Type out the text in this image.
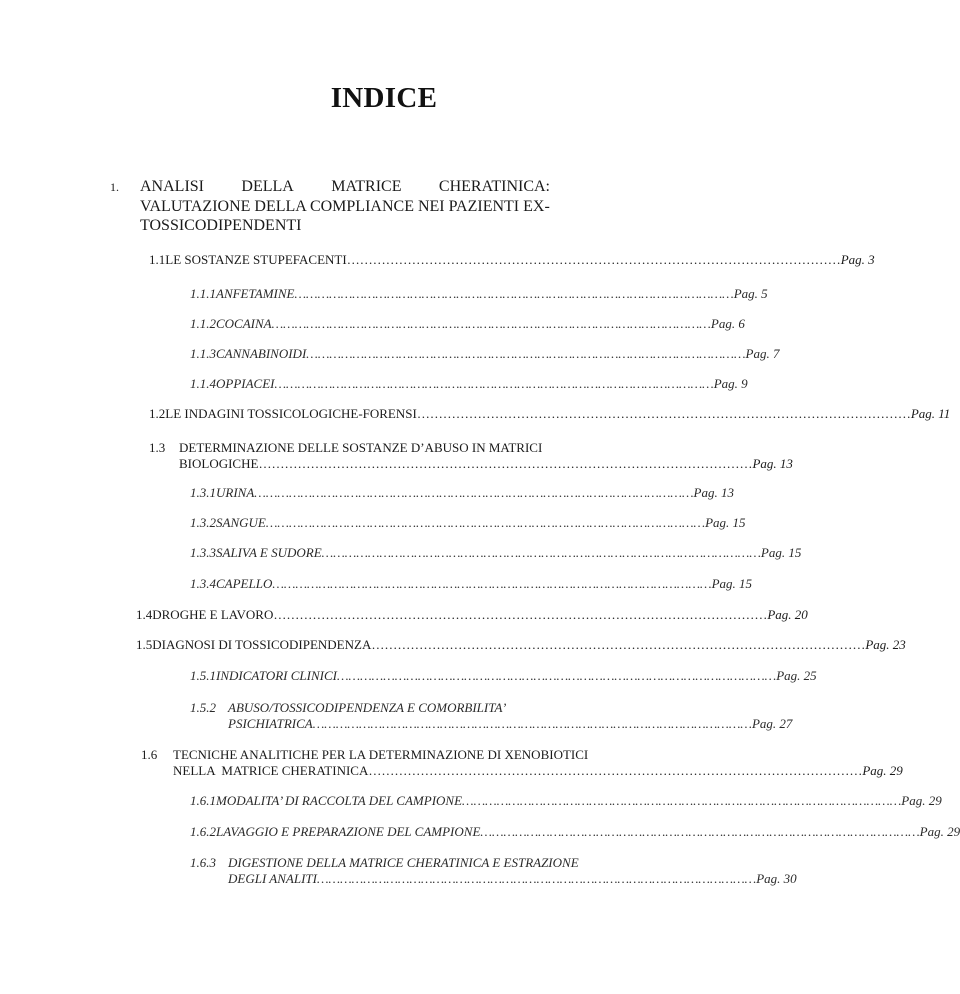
INDICE
1. ANALISI DELLA MATRICE CHERATINICA:
VALUTAZIONE DELLA COMPLIANCE NEI PAZIENTI EX-
TOSSICODIPENDENTI
1.1 LE SOSTANZE STUPEFACENTI …………………………………………………………………………………………………… Pag. 3
1.1.1 ANFETAMINE …………………………………………………………………………………………………… Pag. 5
1.1.2 COCAINA …………………………………………………………………………………………………… Pag. 6
1.1.3 CANNABINOIDI …………………………………………………………………………………………………… Pag. 7
1.1.4 OPPIACEI …………………………………………………………………………………………………… Pag. 9
1.2 LE INDAGINI TOSSICOLOGICHE-FORENSI …………………………………………………………………………………………………… Pag. 11
1.3 DETERMINAZIONE DELLE SOSTANZE D’ABUSO IN MATRICI
BIOLOGICHE …………………………………………………………………………………………………… Pag. 13
1.3.1 URINA …………………………………………………………………………………………………… Pag. 13
1.3.2 SANGUE …………………………………………………………………………………………………… Pag. 15
1.3.3 SALIVA E SUDORE …………………………………………………………………………………………………… Pag. 15
1.3.4 CAPELLO …………………………………………………………………………………………………… Pag. 15
1.4 DROGHE E LAVORO …………………………………………………………………………………………………… Pag. 20
1.5 DIAGNOSI DI TOSSICODIPENDENZA …………………………………………………………………………………………………… Pag. 23
1.5.1 INDICATORI CLINICI …………………………………………………………………………………………………… Pag. 25
1.5.2 ABUSO/TOSSICODIPENDENZA E COMORBILITA’
PSICHIATRICA …………………………………………………………………………………………………… Pag. 27
1.6 TECNICHE ANALITICHE PER LA DETERMINAZIONE DI XENOBIOTICI
NELLA  MATRICE CHERATINICA …………………………………………………………………………………………………… Pag. 29
1.6.1 MODALITA’ DI RACCOLTA DEL CAMPIONE …………………………………………………………………………………………………… Pag. 29
1.6.2 LAVAGGIO E PREPARAZIONE DEL CAMPIONE …………………………………………………………………………………………………… Pag. 29
1.6.3 DIGESTIONE DELLA MATRICE CHERATINICA E ESTRAZIONE
DEGLI ANALITI …………………………………………………………………………………………………… Pag. 30
